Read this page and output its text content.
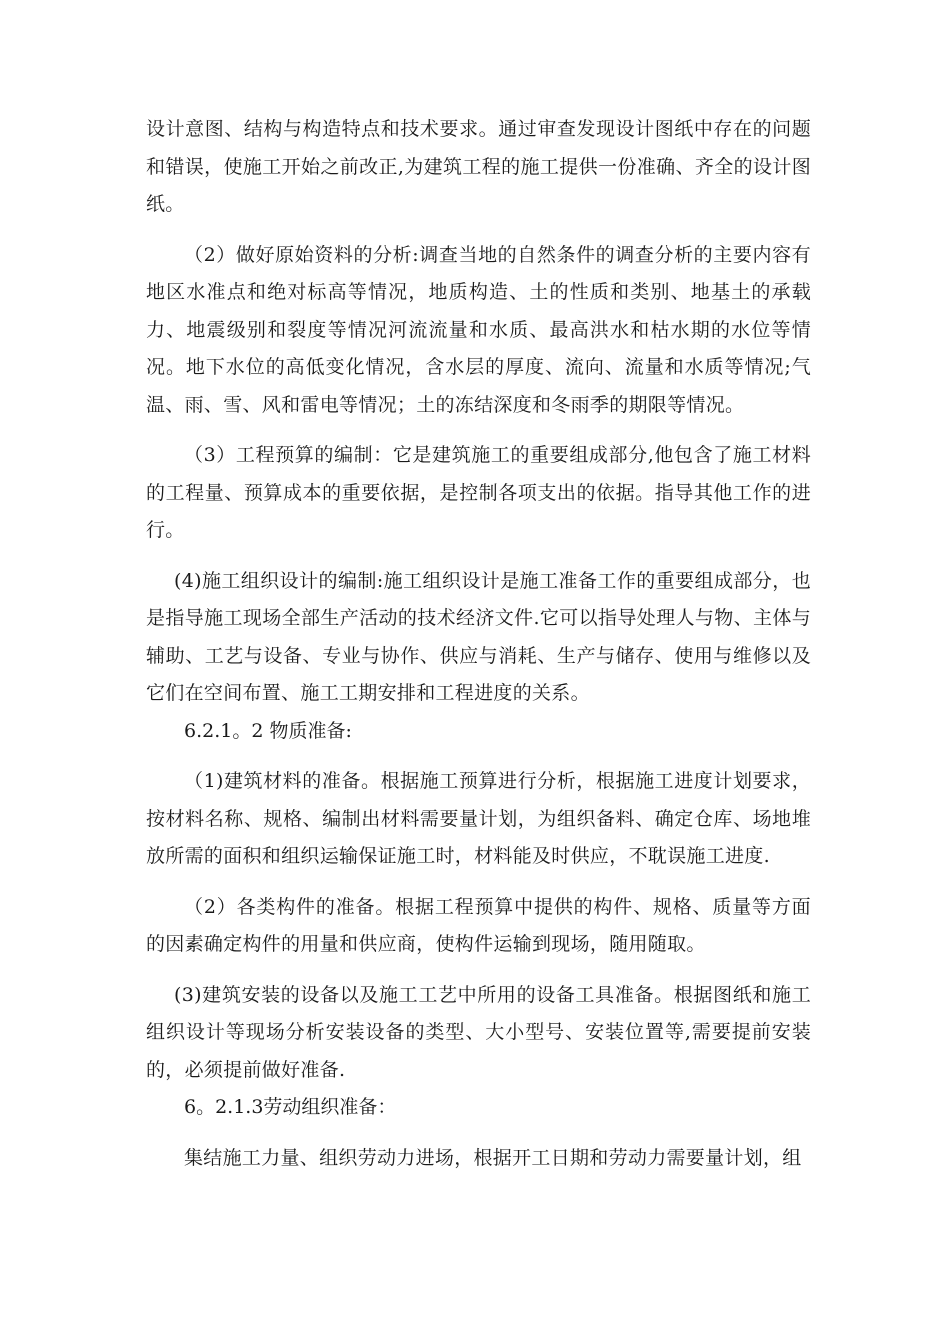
设计意图、结构与构造特点和技术要求。通过审查发现设计图纸中存在的问题和错误，使施工开始之前改正,为建筑工程的施工提供一份准确、齐全的设计图纸。

（2）做好原始资料的分析:调查当地的自然条件的调查分析的主要内容有地区水准点和绝对标高等情况，地质构造、土的性质和类别、地基土的承载力、地震级别和裂度等情况河流流量和水质、最高洪水和枯水期的水位等情况。地下水位的高低变化情况，含水层的厚度、流向、流量和水质等情况;气温、雨、雪、风和雷电等情况；土的冻结深度和冬雨季的期限等情况。

（3）工程预算的编制：它是建筑施工的重要组成部分,他包含了施工材料的工程量、预算成本的重要依据，是控制各项支出的依据。指导其他工作的进行。

(4)施工组织设计的编制:施工组织设计是施工准备工作的重要组成部分，也是指导施工现场全部生产活动的技术经济文件.它可以指导处理人与物、主体与辅助、工艺与设备、专业与协作、供应与消耗、生产与储存、使用与维修以及它们在空间布置、施工工期安排和工程进度的关系。

6.2.1。2 物质准备:

（1)建筑材料的准备。根据施工预算进行分析，根据施工进度计划要求，按材料名称、规格、编制出材料需要量计划，为组织备料、确定仓库、场地堆放所需的面积和组织运输保证施工时，材料能及时供应，不耽误施工进度.

（2）各类构件的准备。根据工程预算中提供的构件、规格、质量等方面的因素确定构件的用量和供应商，使构件运输到现场，随用随取。

(3)建筑安装的设备以及施工工艺中所用的设备工具准备。根据图纸和施工组织设计等现场分析安装设备的类型、大小型号、安装位置等,需要提前安装的，必须提前做好准备.

6。2.1.3劳动组织准备：

集结施工力量、组织劳动力进场，根据开工日期和劳动力需要量计划，组
